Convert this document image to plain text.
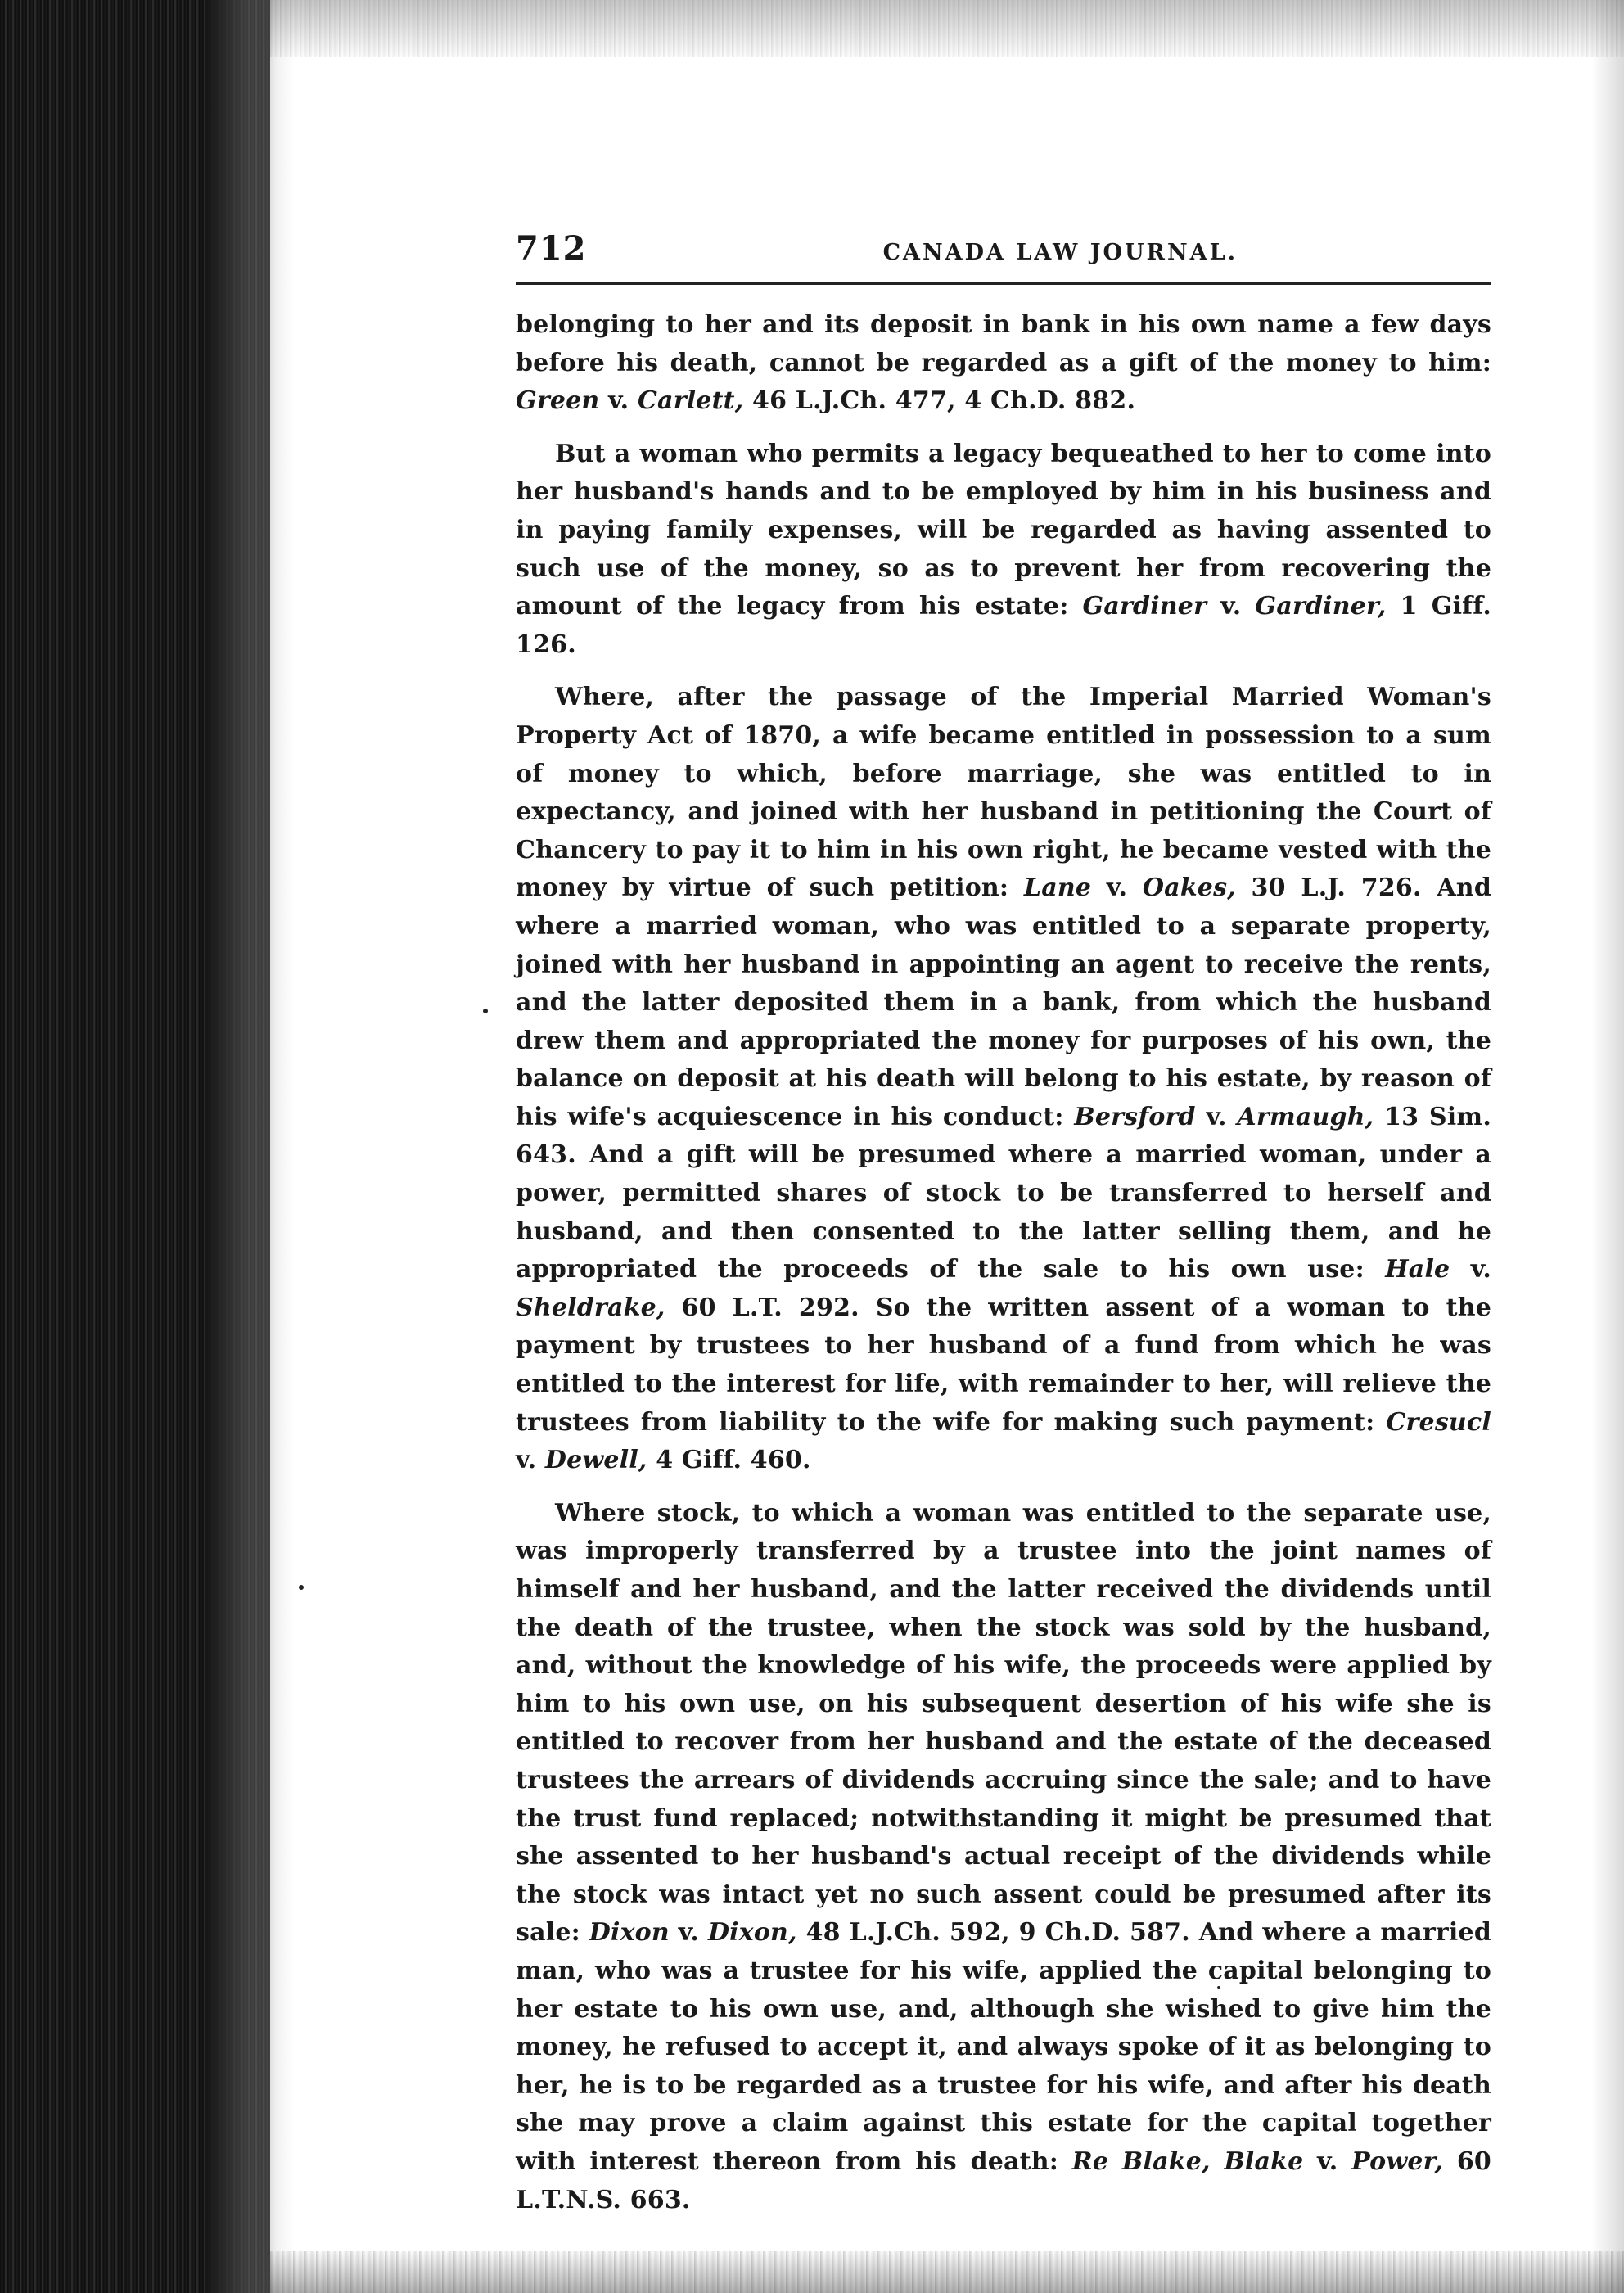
712	CANADA LAW JOURNAL.

belonging to her and its deposit in bank in his own name a few days before his death, cannot be regarded as a gift of the money to him: Green v. Carlett, 46 L.J.Ch. 477, 4 Ch.D. 882.

But a woman who permits a legacy bequeathed to her to come into her husband's hands and to be employed by him in his business and in paying family expenses, will be regarded as having assented to such use of the money, so as to prevent her from recovering the amount of the legacy from his estate: Gardiner v. Gardiner, 1 Giff. 126.

Where, after the passage of the Imperial Married Woman's Property Act of 1870, a wife became entitled in possession to a sum of money to which, before marriage, she was entitled to in expectancy, and joined with her husband in petitioning the Court of Chancery to pay it to him in his own right, he became vested with the money by virtue of such petition: Lane v. Oakes, 30 L.J. 726. And where a married woman, who was entitled to a separate property, joined with her husband in appointing an agent to receive the rents, and the latter deposited them in a bank, from which the husband drew them and appropriated the money for purposes of his own, the balance on deposit at his death will belong to his estate, by reason of his wife's acquiescence in his conduct: Bersford v. Armaugh, 13 Sim. 643. And a gift will be presumed where a married woman, under a power, permitted shares of stock to be transferred to herself and husband, and then consented to the latter selling them, and he appropriated the proceeds of the sale to his own use: Hale v. Sheldrake, 60 L.T. 292. So the written assent of a woman to the payment by trustees to her husband of a fund from which he was entitled to the interest for life, with remainder to her, will relieve the trustees from liability to the wife for making such payment: Cresucl v. Dewell, 4 Giff. 460.

Where stock, to which a woman was entitled to the separate use, was improperly transferred by a trustee into the joint names of himself and her husband, and the latter received the dividends until the death of the trustee, when the stock was sold by the husband, and, without the knowledge of his wife, the proceeds were applied by him to his own use, on his subsequent desertion of his wife she is entitled to recover from her husband and the estate of the deceased trustees the arrears of dividends accruing since the sale; and to have the trust fund replaced; notwithstanding it might be presumed that she assented to her husband's actual receipt of the dividends while the stock was intact yet no such assent could be presumed after its sale: Dixon v. Dixon, 48 L.J.Ch. 592, 9 Ch.D. 587. And where a married man, who was a trustee for his wife, applied the capital belonging to her estate to his own use, and, although she wished to give him the money, he refused to accept it, and always spoke of it as belonging to her, he is to be regarded as a trustee for his wife, and after his death she may prove a claim against this estate for the capital together with interest thereon from his death: Re Blake, Blake v. Power, 60 L.T.N.S. 663.
